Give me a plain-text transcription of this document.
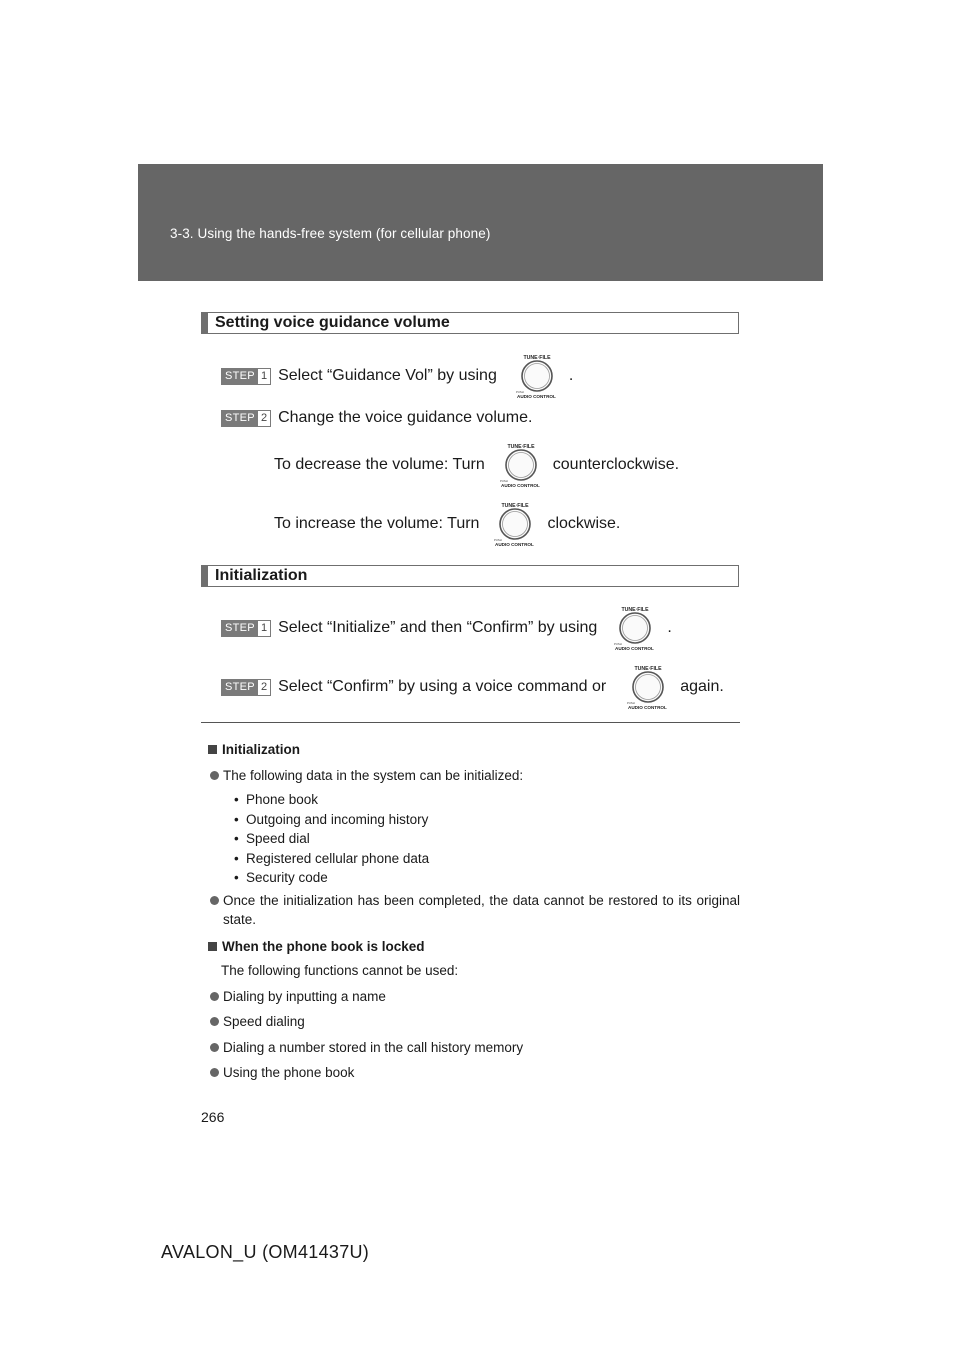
3-3. Using the hands-free system (for cellular phone)
Setting voice guidance volume
STEP 1 Select “Guidance Vol” by using
TUNE·FILE
PUSH
AUDIO CONTROL
.
STEP 2 Change the voice guidance volume.
To decrease the volume: Turn
TUNE·FILE
PUSH
AUDIO CONTROL
counterclockwise.
To increase the volume: Turn
TUNE·FILE
PUSH
AUDIO CONTROL
clockwise.
Initialization
STEP 1 Select “Initialize” and then “Confirm” by using
TUNE·FILE
PUSH
AUDIO CONTROL
.
STEP 2 Select “Confirm” by using a voice command or
TUNE·FILE
PUSH
AUDIO CONTROL
again.
Initialization
The following data in the system can be initialized:
• Phone book
• Outgoing and incoming history
• Speed dial
• Registered cellular phone data
• Security code
Once the initialization has been completed, the data cannot be restored to its original state.
When the phone book is locked
The following functions cannot be used:
Dialing by inputting a name
Speed dialing
Dialing a number stored in the call history memory
Using the phone book
266
AVALON_U (OM41437U)
